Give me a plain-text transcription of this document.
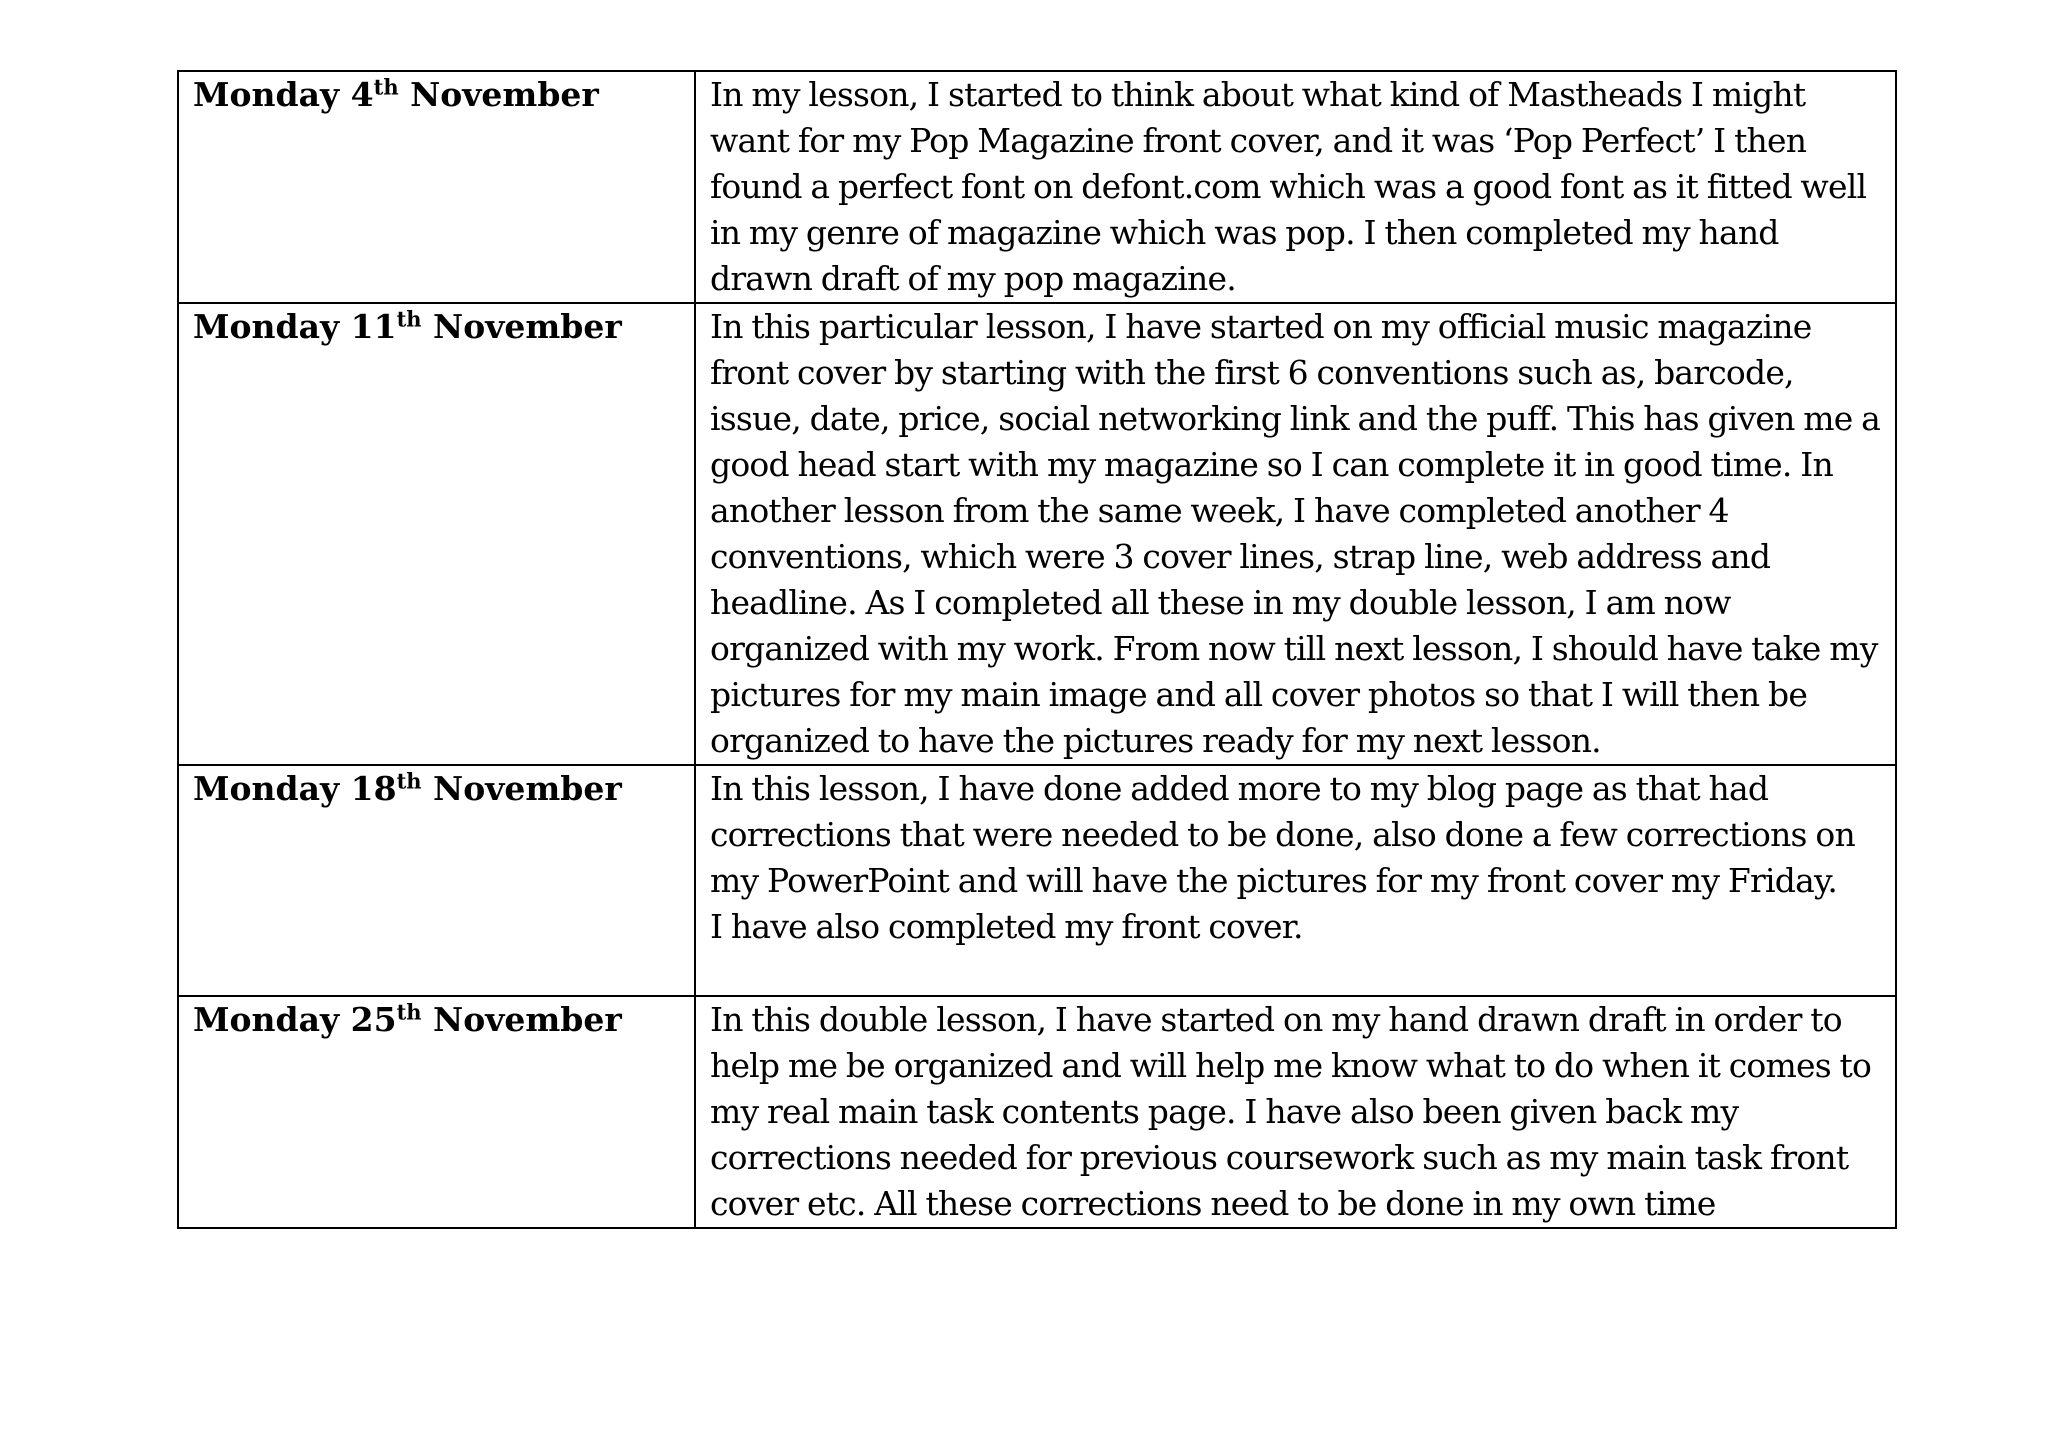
Monday 4th November	In my lesson, I started to think about what kind of Mastheads I might want for my Pop Magazine front cover, and it was ‘Pop Perfect’ I then found a perfect font on defont.com which was a good font as it fitted well in my genre of magazine which was pop. I then completed my hand drawn draft of my pop magazine.

Monday 11th November	In this particular lesson, I have started on my official music magazine front cover by starting with the first 6 conventions such as, barcode, issue, date, price, social networking link and the puff. This has given me a good head start with my magazine so I can complete it in good time. In another lesson from the same week, I have completed another 4 conventions, which were 3 cover lines, strap line, web address and headline. As I completed all these in my double lesson, I am now organized with my work. From now till next lesson, I should have take my pictures for my main image and all cover photos so that I will then be organized to have the pictures ready for my next lesson.

Monday 18th November	In this lesson, I have done added more to my blog page as that had corrections that were needed to be done, also done a few corrections on my PowerPoint and will have the pictures for my front cover my Friday.

I have also completed my front cover.

Monday 25th November	In this double lesson, I have started on my hand drawn draft in order to help me be organized and will help me know what to do when it comes to my real main task contents page. I have also been given back my corrections needed for previous coursework such as my main task front cover etc. All these corrections need to be done in my own time
